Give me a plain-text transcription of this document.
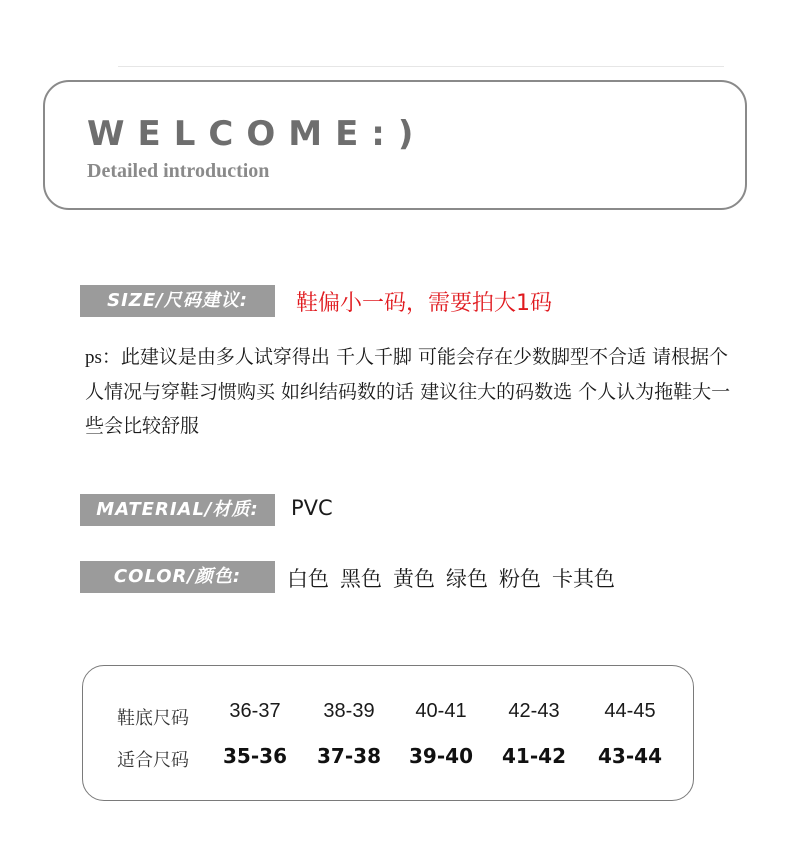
WELCOME:)
Detailed introduction
SIZE/尺码建议:	鞋偏小一码，需要拍大1码
ps：此建议是由多人试穿得出 千人千脚 可能会存在少数脚型不合适 请根据个人情况与穿鞋习惯购买 如纠结码数的话 建议往大的码数选 个人认为拖鞋大一些会比较舒服
MATERIAL/材质:	PVC
COLOR/颜色:	白色 黑色 黄色 绿色 粉色 卡其色
鞋底尺码	36-37	38-39	40-41	42-43	44-45
适合尺码	35-36	37-38	39-40	41-42	43-44
